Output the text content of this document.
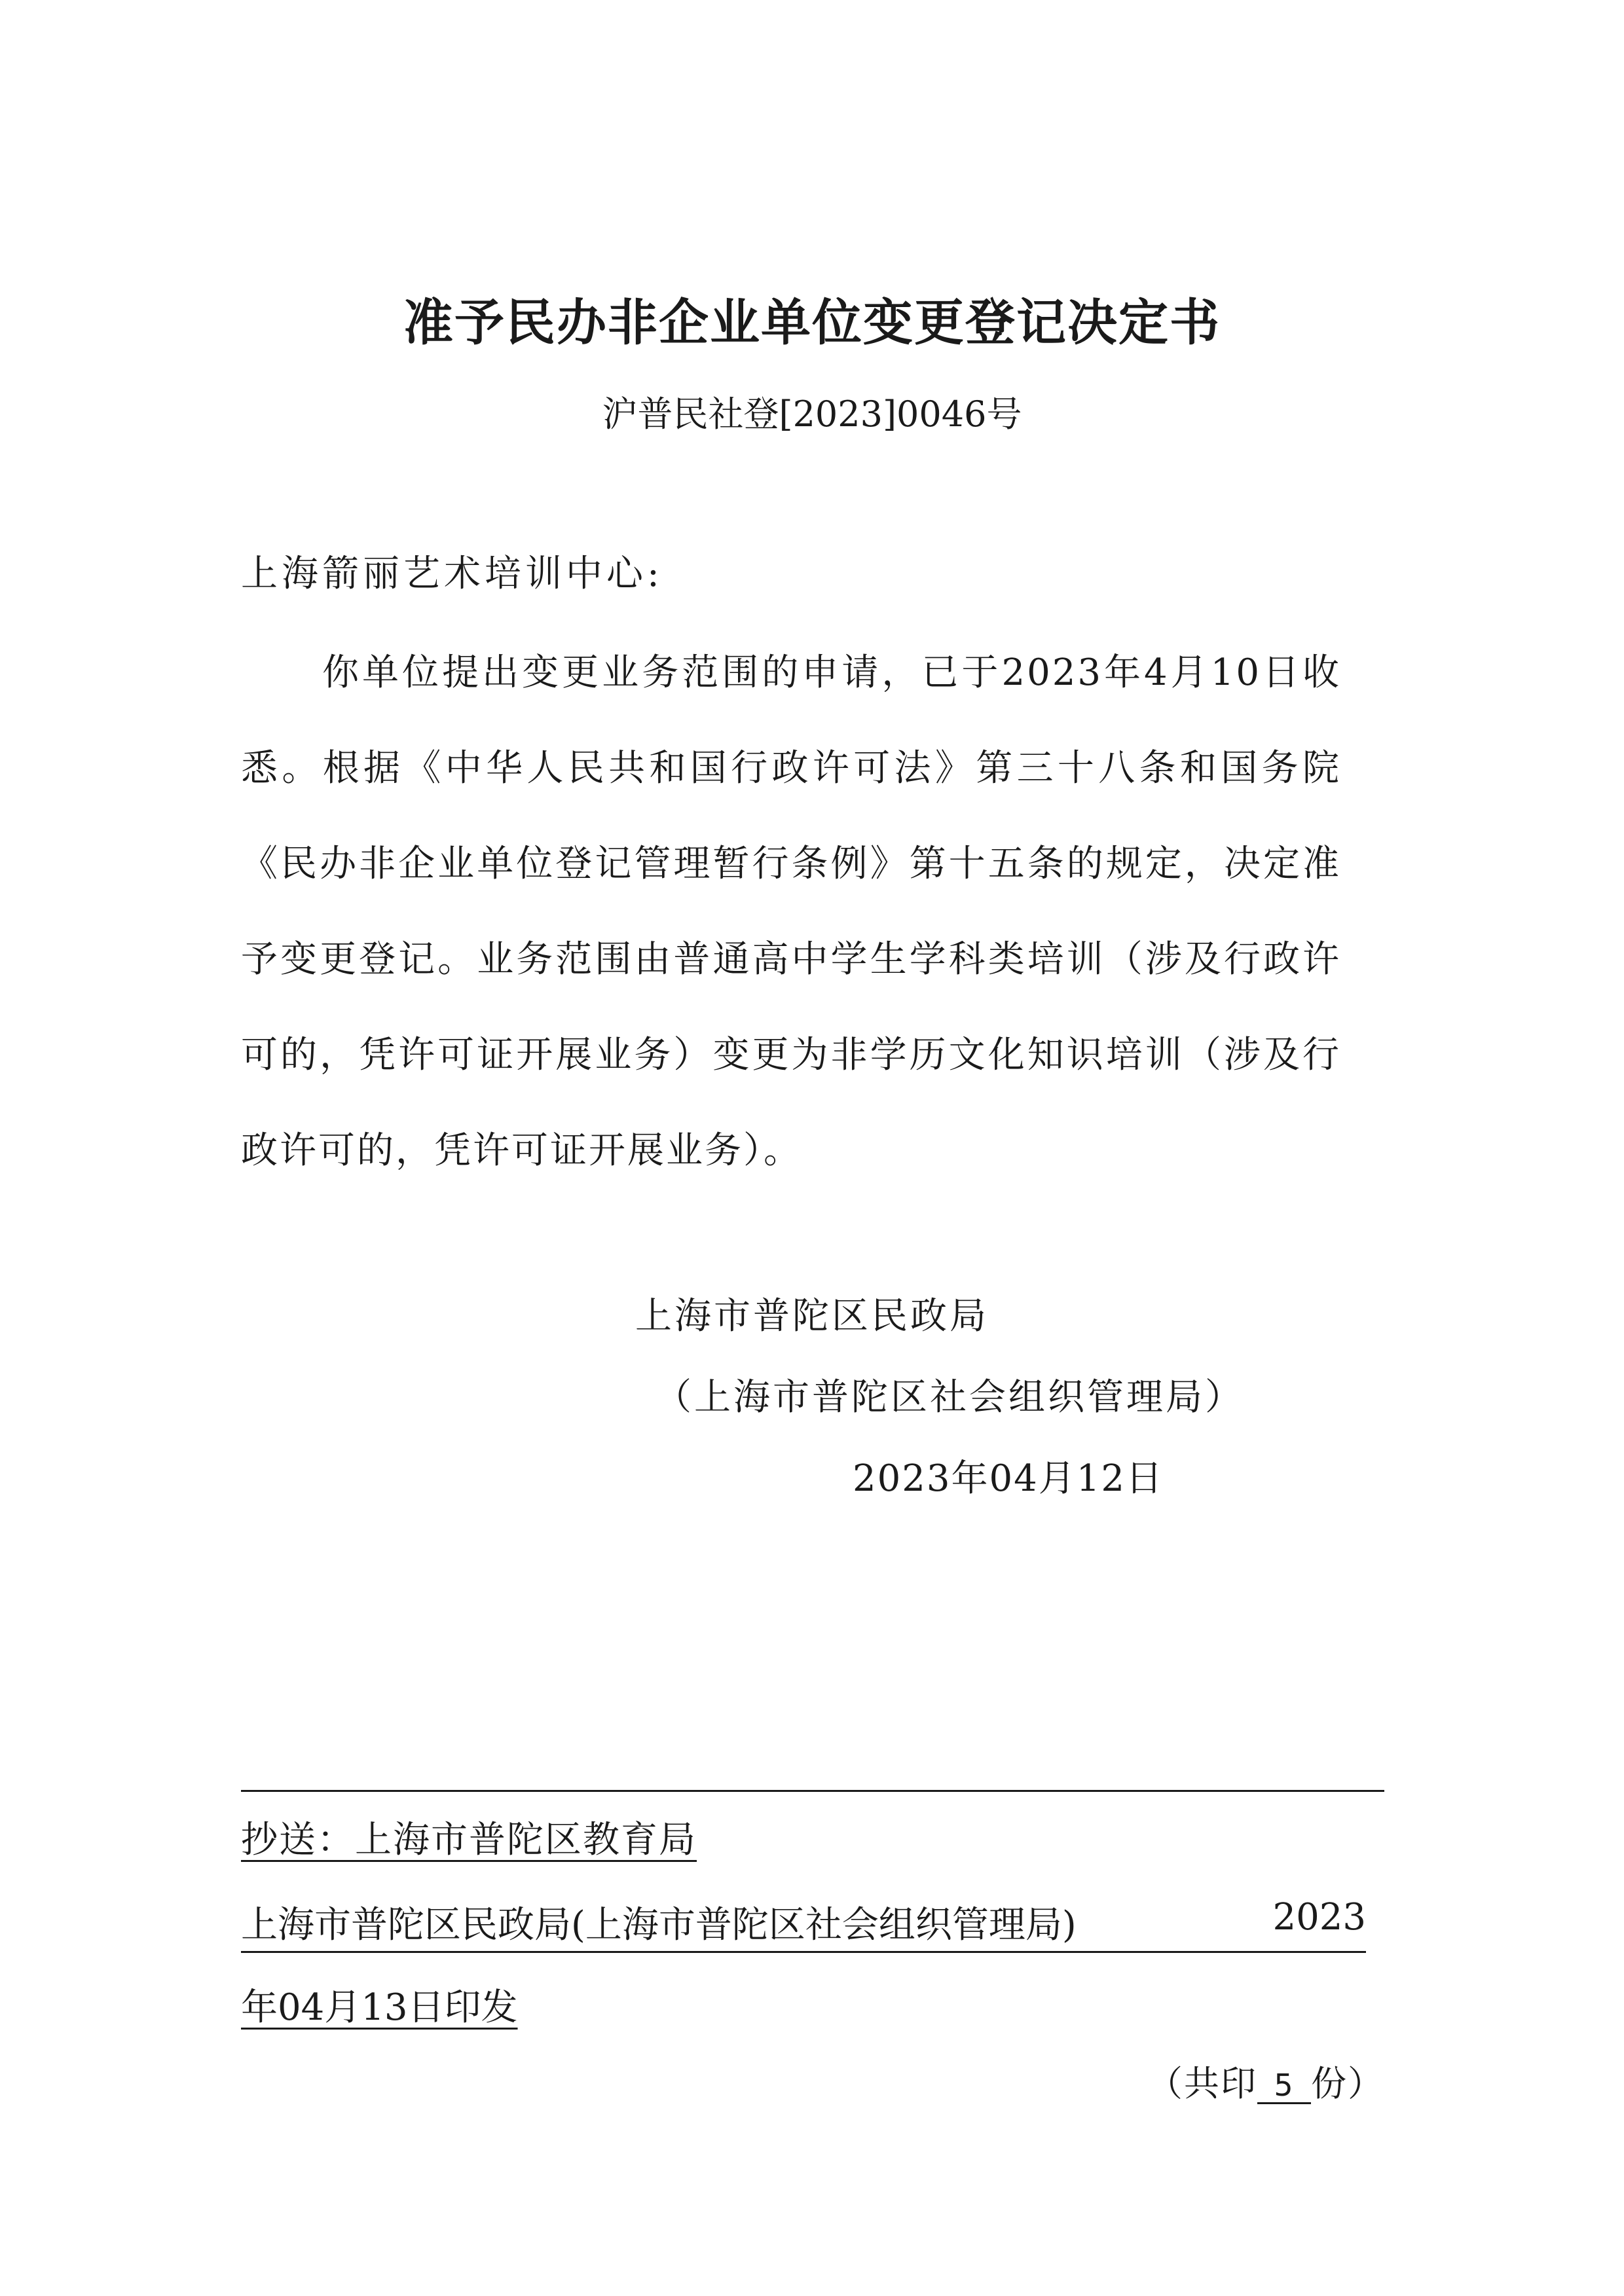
准予民办非企业单位变更登记决定书
沪普民社登[2023]0046号
上海箭丽艺术培训中心:
你单位提出变更业务范围的申请，已于2023年4月10日收悉。根据《中华人民共和国行政许可法》第三十八条和国务院《民办非企业单位登记管理暂行条例》第十五条的规定，决定准予变更登记。业务范围由普通高中学生学科类培训（涉及行政许可的，凭许可证开展业务）变更为非学历文化知识培训（涉及行政许可的，凭许可证开展业务）。
上海市普陀区民政局
（上海市普陀区社会组织管理局）
2023年04月12日
抄送：上海市普陀区教育局
上海市普陀区民政局(上海市普陀区社会组织管理局)	2023
年04月13日印发
（共印 5 份）
